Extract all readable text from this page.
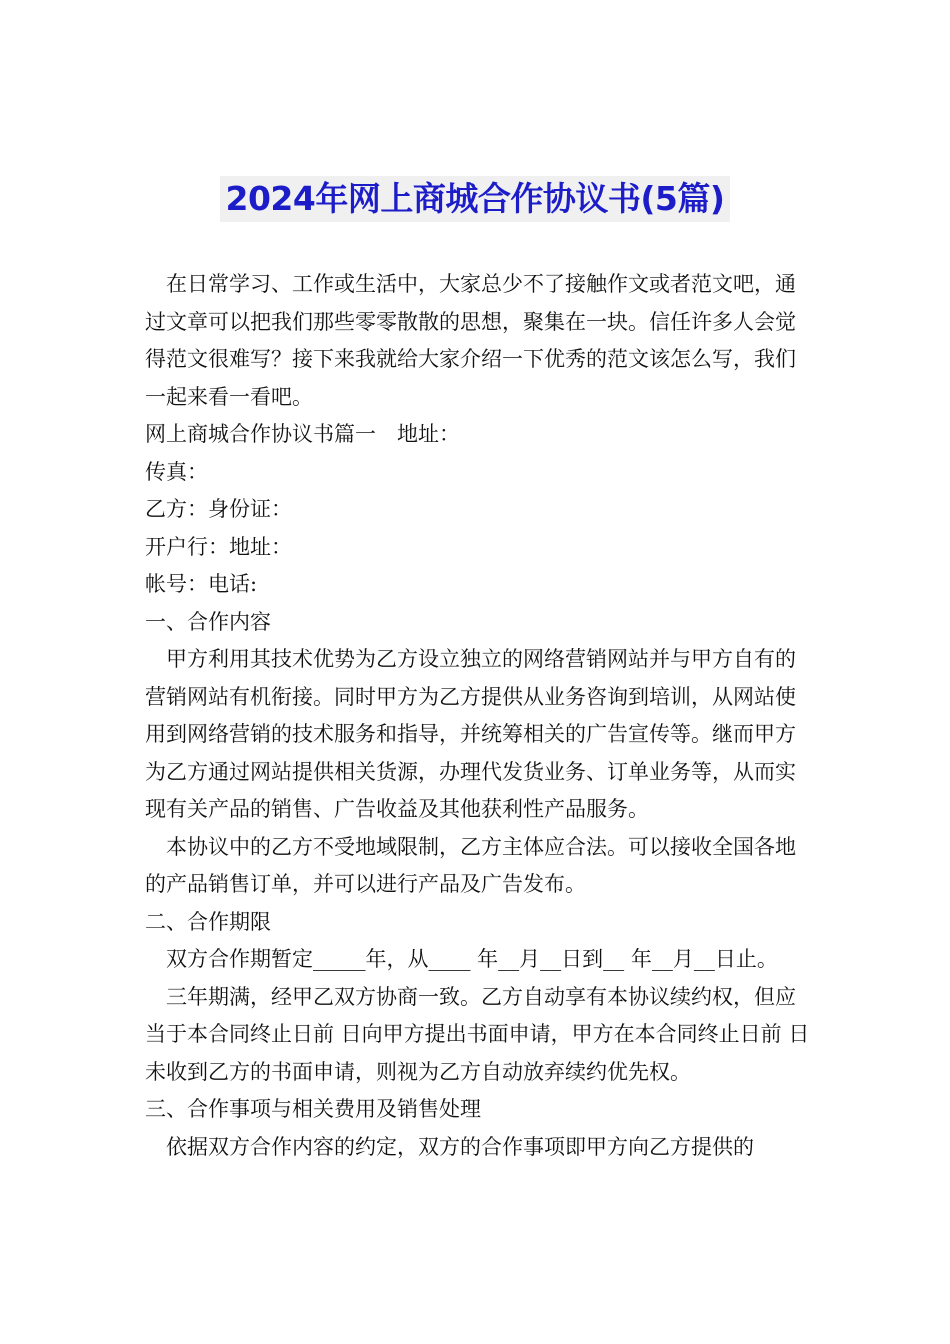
2024年网上商城合作协议书(5篇)

在日常学习、工作或生活中，大家总少不了接触作文或者范文吧，通过文章可以把我们那些零零散散的思想，聚集在一块。信任许多人会觉得范文很难写？接下来我就给大家介绍一下优秀的范文该怎么写，我们一起来看一看吧。

网上商城合作协议书篇一　地址：

传真：

乙方：身份证：

开户行：地址：

帐号：电话:

一、合作内容

甲方利用其技术优势为乙方设立独立的网络营销网站并与甲方自有的营销网站有机衔接。同时甲方为乙方提供从业务咨询到培训，从网站使用到网络营销的技术服务和指导，并统筹相关的广告宣传等。继而甲方为乙方通过网站提供相关货源，办理代发货业务、订单业务等，从而实现有关产品的销售、广告收益及其他获利性产品服务。

本协议中的乙方不受地域限制，乙方主体应合法。可以接收全国各地的产品销售订单，并可以进行产品及广告发布。

二、合作期限

双方合作期暂定_____年，从____ 年__月__日到__ 年__月__日止。

三年期满，经甲乙双方协商一致。乙方自动享有本协议续约权，但应当于本合同终止日前 日向甲方提出书面申请，甲方在本合同终止日前 日未收到乙方的书面申请，则视为乙方自动放弃续约优先权。

三、合作事项与相关费用及销售处理

依据双方合作内容的约定，双方的合作事项即甲方向乙方提供的
